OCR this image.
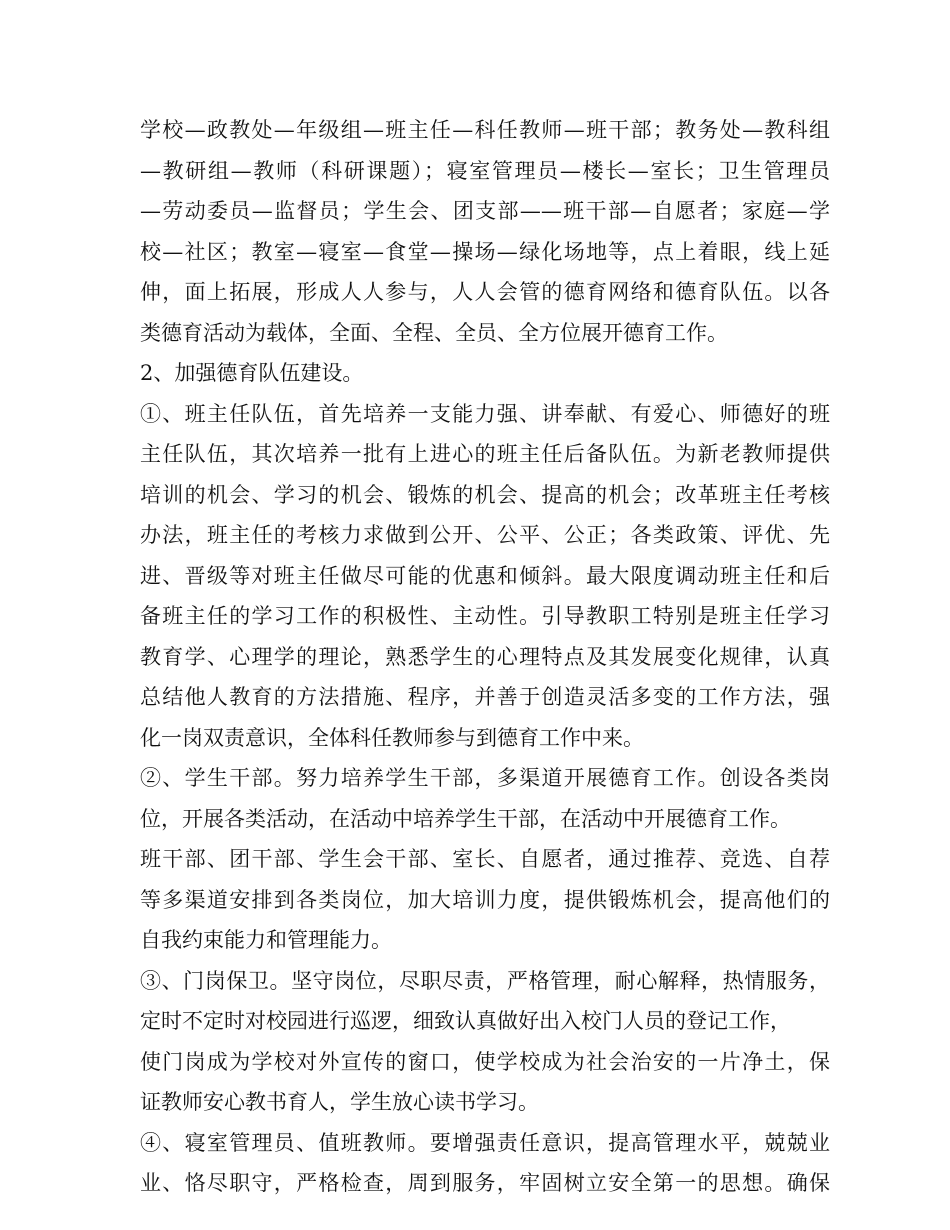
学校—政教处—年级组—班主任—科任教师—班干部；教务处—教科组
—教研组—教师（科研课题）；寝室管理员—楼长—室长；卫生管理员
—劳动委员—监督员；学生会、团支部——班干部—自愿者；家庭—学
校—社区；教室—寝室—食堂—操场—绿化场地等，点上着眼，线上延
伸，面上拓展，形成人人参与，人人会管的德育网络和德育队伍。以各
类德育活动为载体，全面、全程、全员、全方位展开德育工作。
2、加强德育队伍建设。
①、班主任队伍，首先培养一支能力强、讲奉献、有爱心、师德好的班
主任队伍，其次培养一批有上进心的班主任后备队伍。为新老教师提供
培训的机会、学习的机会、锻炼的机会、提高的机会；改革班主任考核
办法，班主任的考核力求做到公开、公平、公正；各类政策、评优、先
进、晋级等对班主任做尽可能的优惠和倾斜。最大限度调动班主任和后
备班主任的学习工作的积极性、主动性。引导教职工特别是班主任学习
教育学、心理学的理论，熟悉学生的心理特点及其发展变化规律，认真
总结他人教育的方法措施、程序，并善于创造灵活多变的工作方法，强
化一岗双责意识，全体科任教师参与到德育工作中来。
②、学生干部。努力培养学生干部，多渠道开展德育工作。创设各类岗
位，开展各类活动，在活动中培养学生干部，在活动中开展德育工作。
班干部、团干部、学生会干部、室长、自愿者，通过推荐、竞选、自荐
等多渠道安排到各类岗位，加大培训力度，提供锻炼机会，提高他们的
自我约束能力和管理能力。
③、门岗保卫。坚守岗位，尽职尽责，严格管理，耐心解释，热情服务，
定时不定时对校园进行巡逻，细致认真做好出入校门人员的登记工作，
使门岗成为学校对外宣传的窗口，使学校成为社会治安的一片净土，保
证教师安心教书育人，学生放心读书学习。
④、寝室管理员、值班教师。要增强责任意识，提高管理水平，兢兢业
业、恪尽职守，严格检查，周到服务，牢固树立安全第一的思想。确保
